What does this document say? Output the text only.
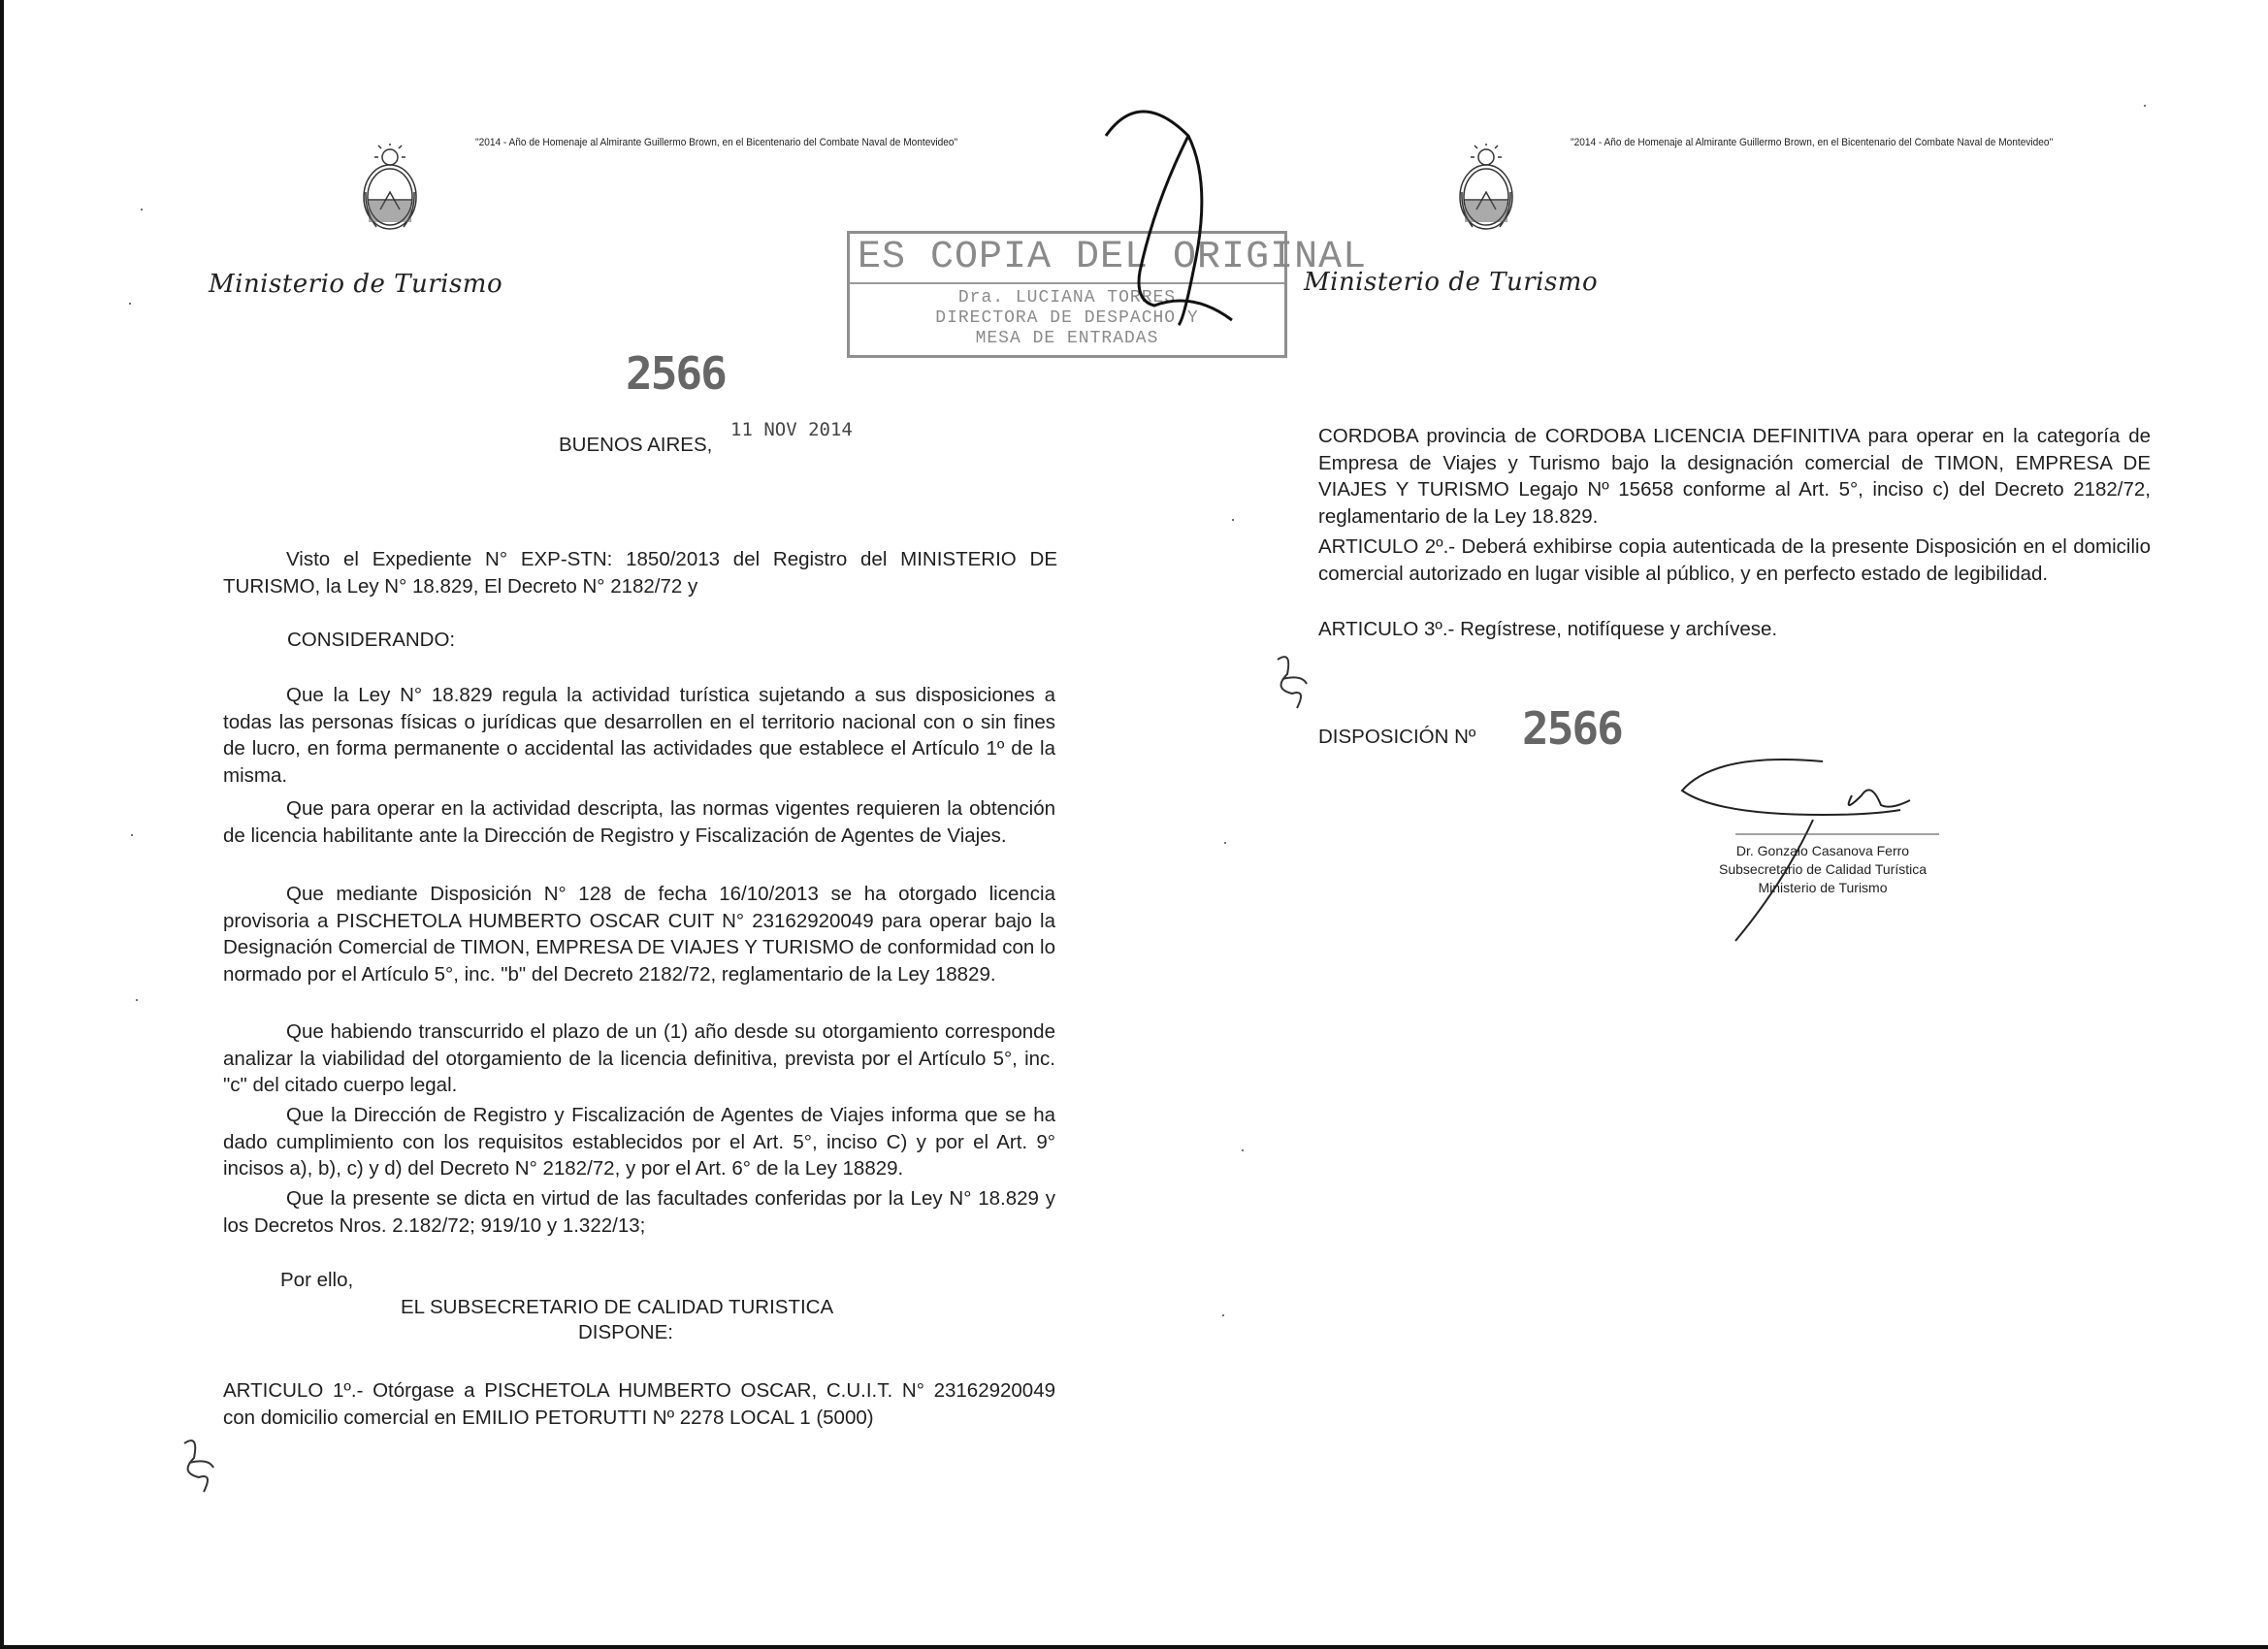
"2014 - Año de Homenaje al Almirante Guillermo Brown, en el Bicentenario del Combate Naval de Montevideo"
Ministerio de Turismo
2566
ES COPIA DEL ORIGINAL
Dra. LUCIANA TORRES
DIRECTORA DE DESPACHO Y
MESA DE ENTRADAS
BUENOS AIRES,
11 NOV 2014
Visto el Expediente N° EXP-STN: 1850/2013 del Registro del MINISTERIO DE TURISMO, la Ley N° 18.829, El Decreto N° 2182/72 y
CONSIDERANDO:
Que la Ley N° 18.829 regula la actividad turística sujetando a sus disposiciones a todas las personas físicas o jurídicas que desarrollen en el territorio nacional con o sin fines de lucro, en forma permanente o accidental las actividades que establece el Artículo 1º de la misma.
Que para operar en la actividad descripta, las normas vigentes requieren la obtención de licencia habilitante ante la Dirección de Registro y Fiscalización de Agentes de Viajes.
Que mediante Disposición N° 128 de fecha 16/10/2013 se ha otorgado licencia provisoria a PISCHETOLA HUMBERTO OSCAR CUIT N° 23162920049 para operar bajo la Designación Comercial de TIMON, EMPRESA DE VIAJES Y TURISMO de conformidad con lo normado por el Artículo 5°, inc. "b" del Decreto 2182/72, reglamentario de la Ley 18829.
Que habiendo transcurrido el plazo de un (1) año desde su otorgamiento corresponde analizar la viabilidad del otorgamiento de la licencia definitiva, prevista por el Artículo 5°, inc. "c" del citado cuerpo legal.
Que la Dirección de Registro y Fiscalización de Agentes de Viajes informa que se ha dado cumplimiento con los requisitos establecidos por el Art. 5°, inciso C) y por el Art. 9° incisos a), b), c) y d) del Decreto N° 2182/72, y por el Art. 6° de la Ley 18829.
Que la presente se dicta en virtud de las facultades conferidas por la Ley N° 18.829 y los Decretos Nros. 2.182/72; 919/10 y 1.322/13;
Por ello,
EL SUBSECRETARIO DE CALIDAD TURISTICA
DISPONE:
ARTICULO 1º.- Otórgase a PISCHETOLA HUMBERTO OSCAR, C.U.I.T. N° 23162920049 con domicilio comercial en EMILIO PETORUTTI Nº 2278 LOCAL 1 (5000)
"2014 - Año de Homenaje al Almirante Guillermo Brown, en el Bicentenario del Combate Naval de Montevideo"
Ministerio de Turismo
CORDOBA provincia de CORDOBA LICENCIA DEFINITIVA para operar en la categoría de Empresa de Viajes y Turismo bajo la designación comercial de TIMON, EMPRESA DE VIAJES Y TURISMO Legajo Nº 15658 conforme al Art. 5°, inciso c) del Decreto 2182/72, reglamentario de la Ley 18.829.
ARTICULO 2º.- Deberá exhibirse copia autenticada de la presente Disposición en el domicilio comercial autorizado en lugar visible al público, y en perfecto estado de legibilidad.
ARTICULO 3º.- Regístrese, notifíquese y archívese.
DISPOSICIÓN Nº 2566
Dr. Gonzalo Casanova Ferro
Subsecretario de Calidad Turística
Ministerio de Turismo
